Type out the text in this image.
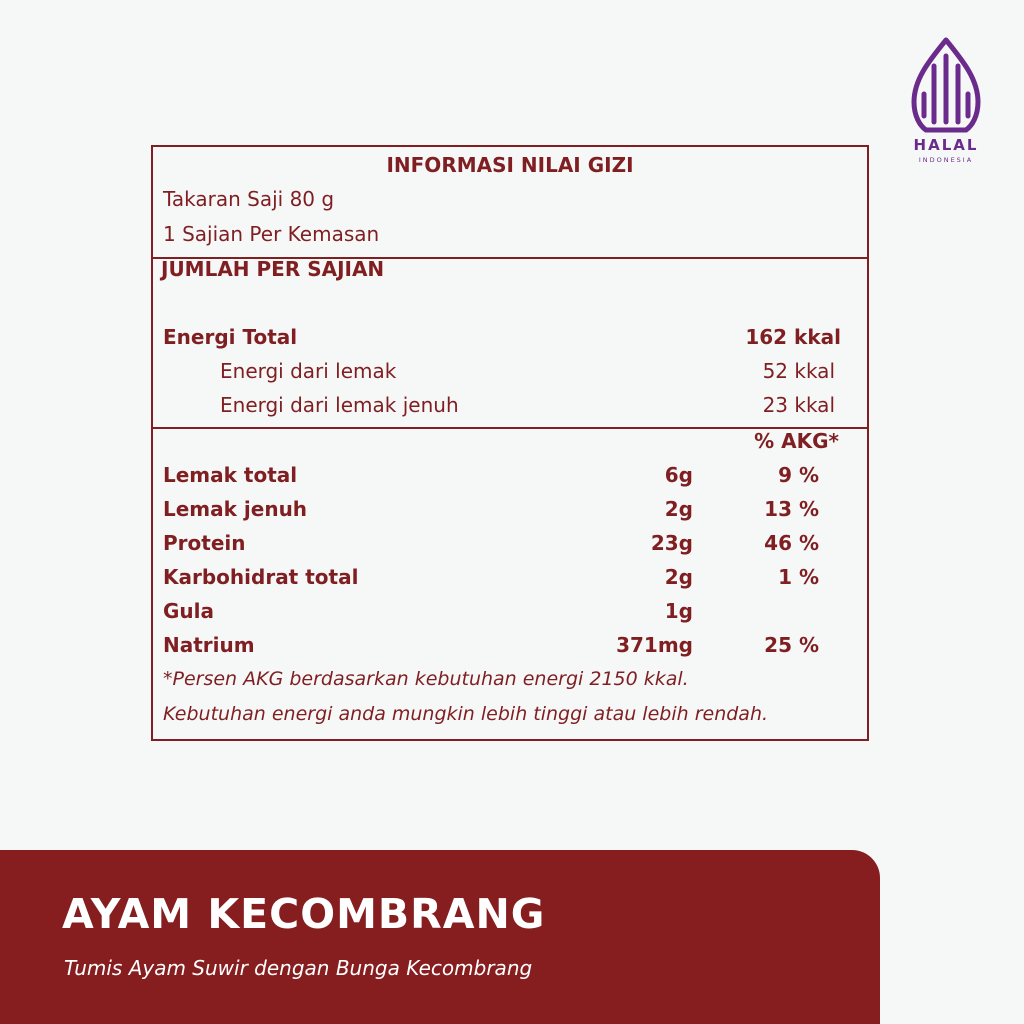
HALAL
INDONESIA
INFORMASI NILAI GIZI
Takaran Saji 80 g
1 Sajian Per Kemasan
JUMLAH PER SAJIAN
Energi Total	162 kkal
Energi dari lemak	52 kkal
Energi dari lemak jenuh	23 kkal
% AKG*
Lemak total	6g	9 %
Lemak jenuh	2g	13 %
Protein	23g	46 %
Karbohidrat total	2g	1 %
Gula	1g
Natrium	371mg	25 %
*Persen AKG berdasarkan kebutuhan energi 2150 kkal.
Kebutuhan energi anda mungkin lebih tinggi atau lebih rendah.
AYAM KECOMBRANG
Tumis Ayam Suwir dengan Bunga Kecombrang
